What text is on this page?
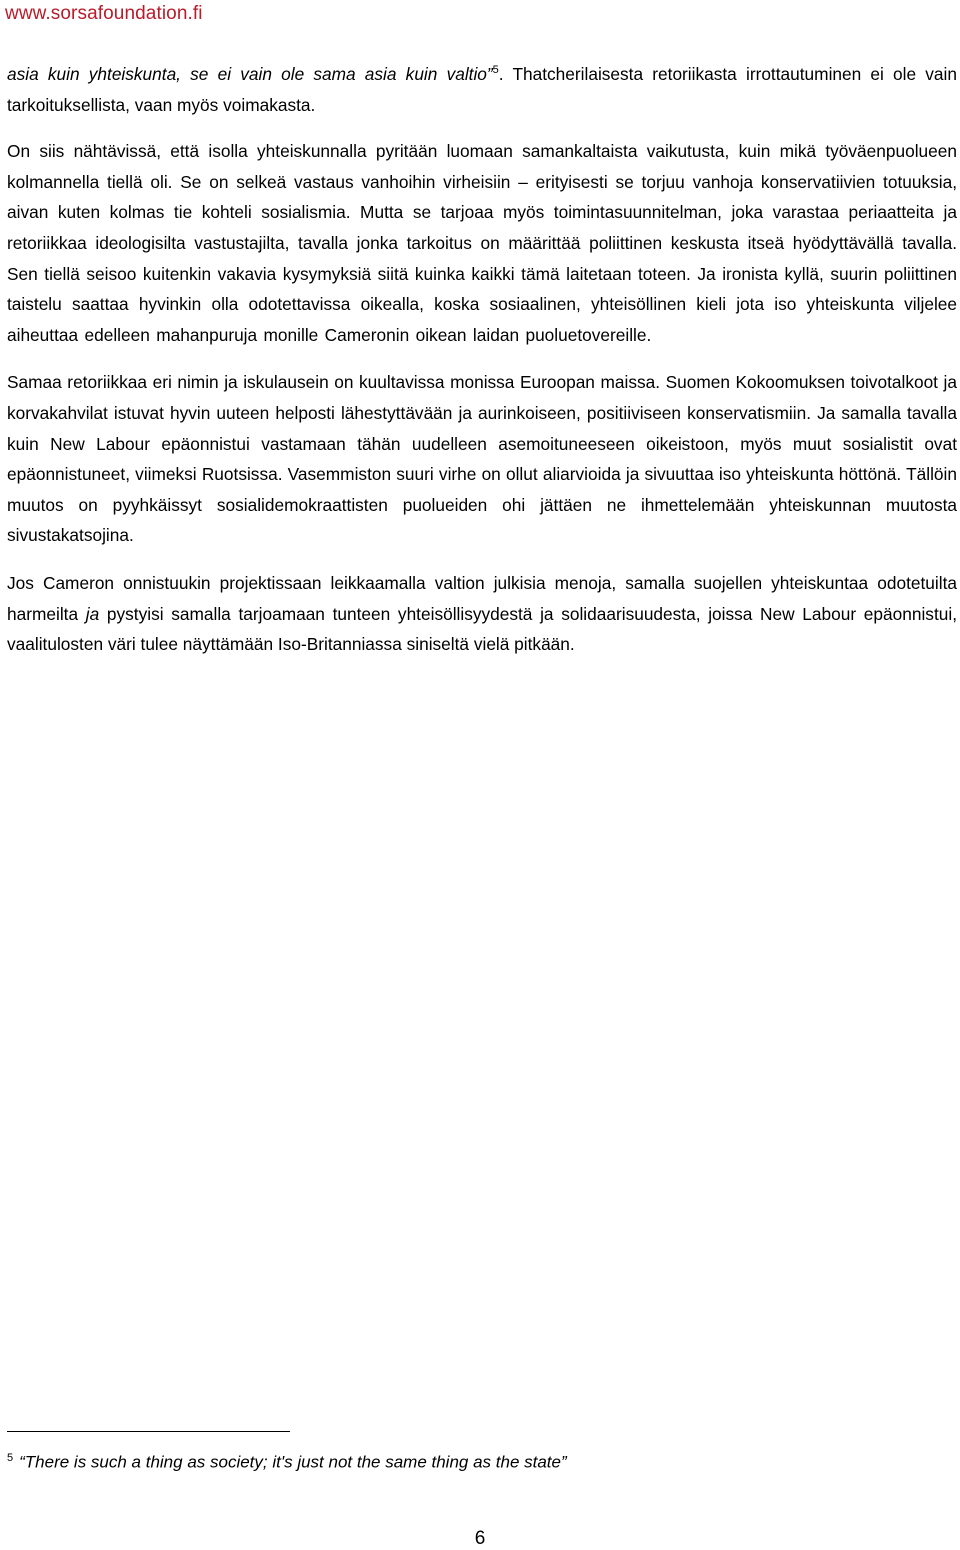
www.sorsafoundation.fi

asia kuin yhteiskunta, se ei vain ole sama asia kuin valtio”$^5$. Thatcherilaisesta retoriikasta irrottautuminen ei ole vain tarkoituksellista, vaan myös voimakasta.

On siis nähtävissä, että isolla yhteiskunnalla pyritään luomaan samankaltaista vaikutusta, kuin mikä työväenpuolueen kolmannella tiellä oli. Se on selkeä vastaus vanhoihin virheisiin – erityisesti se torjuu vanhoja konservatiivien totuuksia, aivan kuten kolmas tie kohteli sosialismia. Mutta se tarjoaa myös toimintasuunnitelman, joka varastaa periaatteita ja retoriikkaa ideologisilta vastustajilta, tavalla jonka tarkoitus on määrittää poliittinen keskusta itseä hyödyttävällä tavalla. Sen tiellä seisoo kuitenkin vakavia kysymyksiä siitä kuinka kaikki tämä laitetaan toteen. Ja ironista kyllä, suurin poliittinen taistelu saattaa hyvinkin olla odotettavissa oikealla, koska sosiaalinen, yhteisöllinen kieli jota iso yhteiskunta viljelee aiheuttaa edelleen mahanpuruja monille Cameronin oikean laidan puoluetovereille.

Samaa retoriikkaa eri nimin ja iskulausein on kuultavissa monissa Euroopan maissa. Suomen Kokoomuksen toivotalkoot ja korvakahvilat istuvat hyvin uuteen helposti lähestyttävään ja aurinkoiseen, positiiviseen konservatismiin. Ja samalla tavalla kuin New Labour epäonnistui vastamaan tähän uudelleen asemoituneeseen oikeistoon, myös muut sosialistit ovat epäonnistuneet, viimeksi Ruotsissa. Vasemmiston suuri virhe on ollut aliarvioida ja sivuuttaa iso yhteiskunta höttönä. Tällöin muutos on pyyhkäissyt sosialidemokraattisten puolueiden ohi jättäen ne ihmettelemään yhteiskunnan muutosta sivustakatsojina.

Jos Cameron onnistuukin projektissaan leikkaamalla valtion julkisia menoja, samalla suojellen yhteiskuntaa odotetuilta harmeilta ja pystyisi samalla tarjoamaan tunteen yhteisöllisyydestä ja solidaarisuudesta, joissa New Labour epäonnistui, vaalitulosten väri tulee näyttämään Iso-Britanniassa siniseltä vielä pitkään.

$^5$ “There is such a thing as society; it's just not the same thing as the state”
6
